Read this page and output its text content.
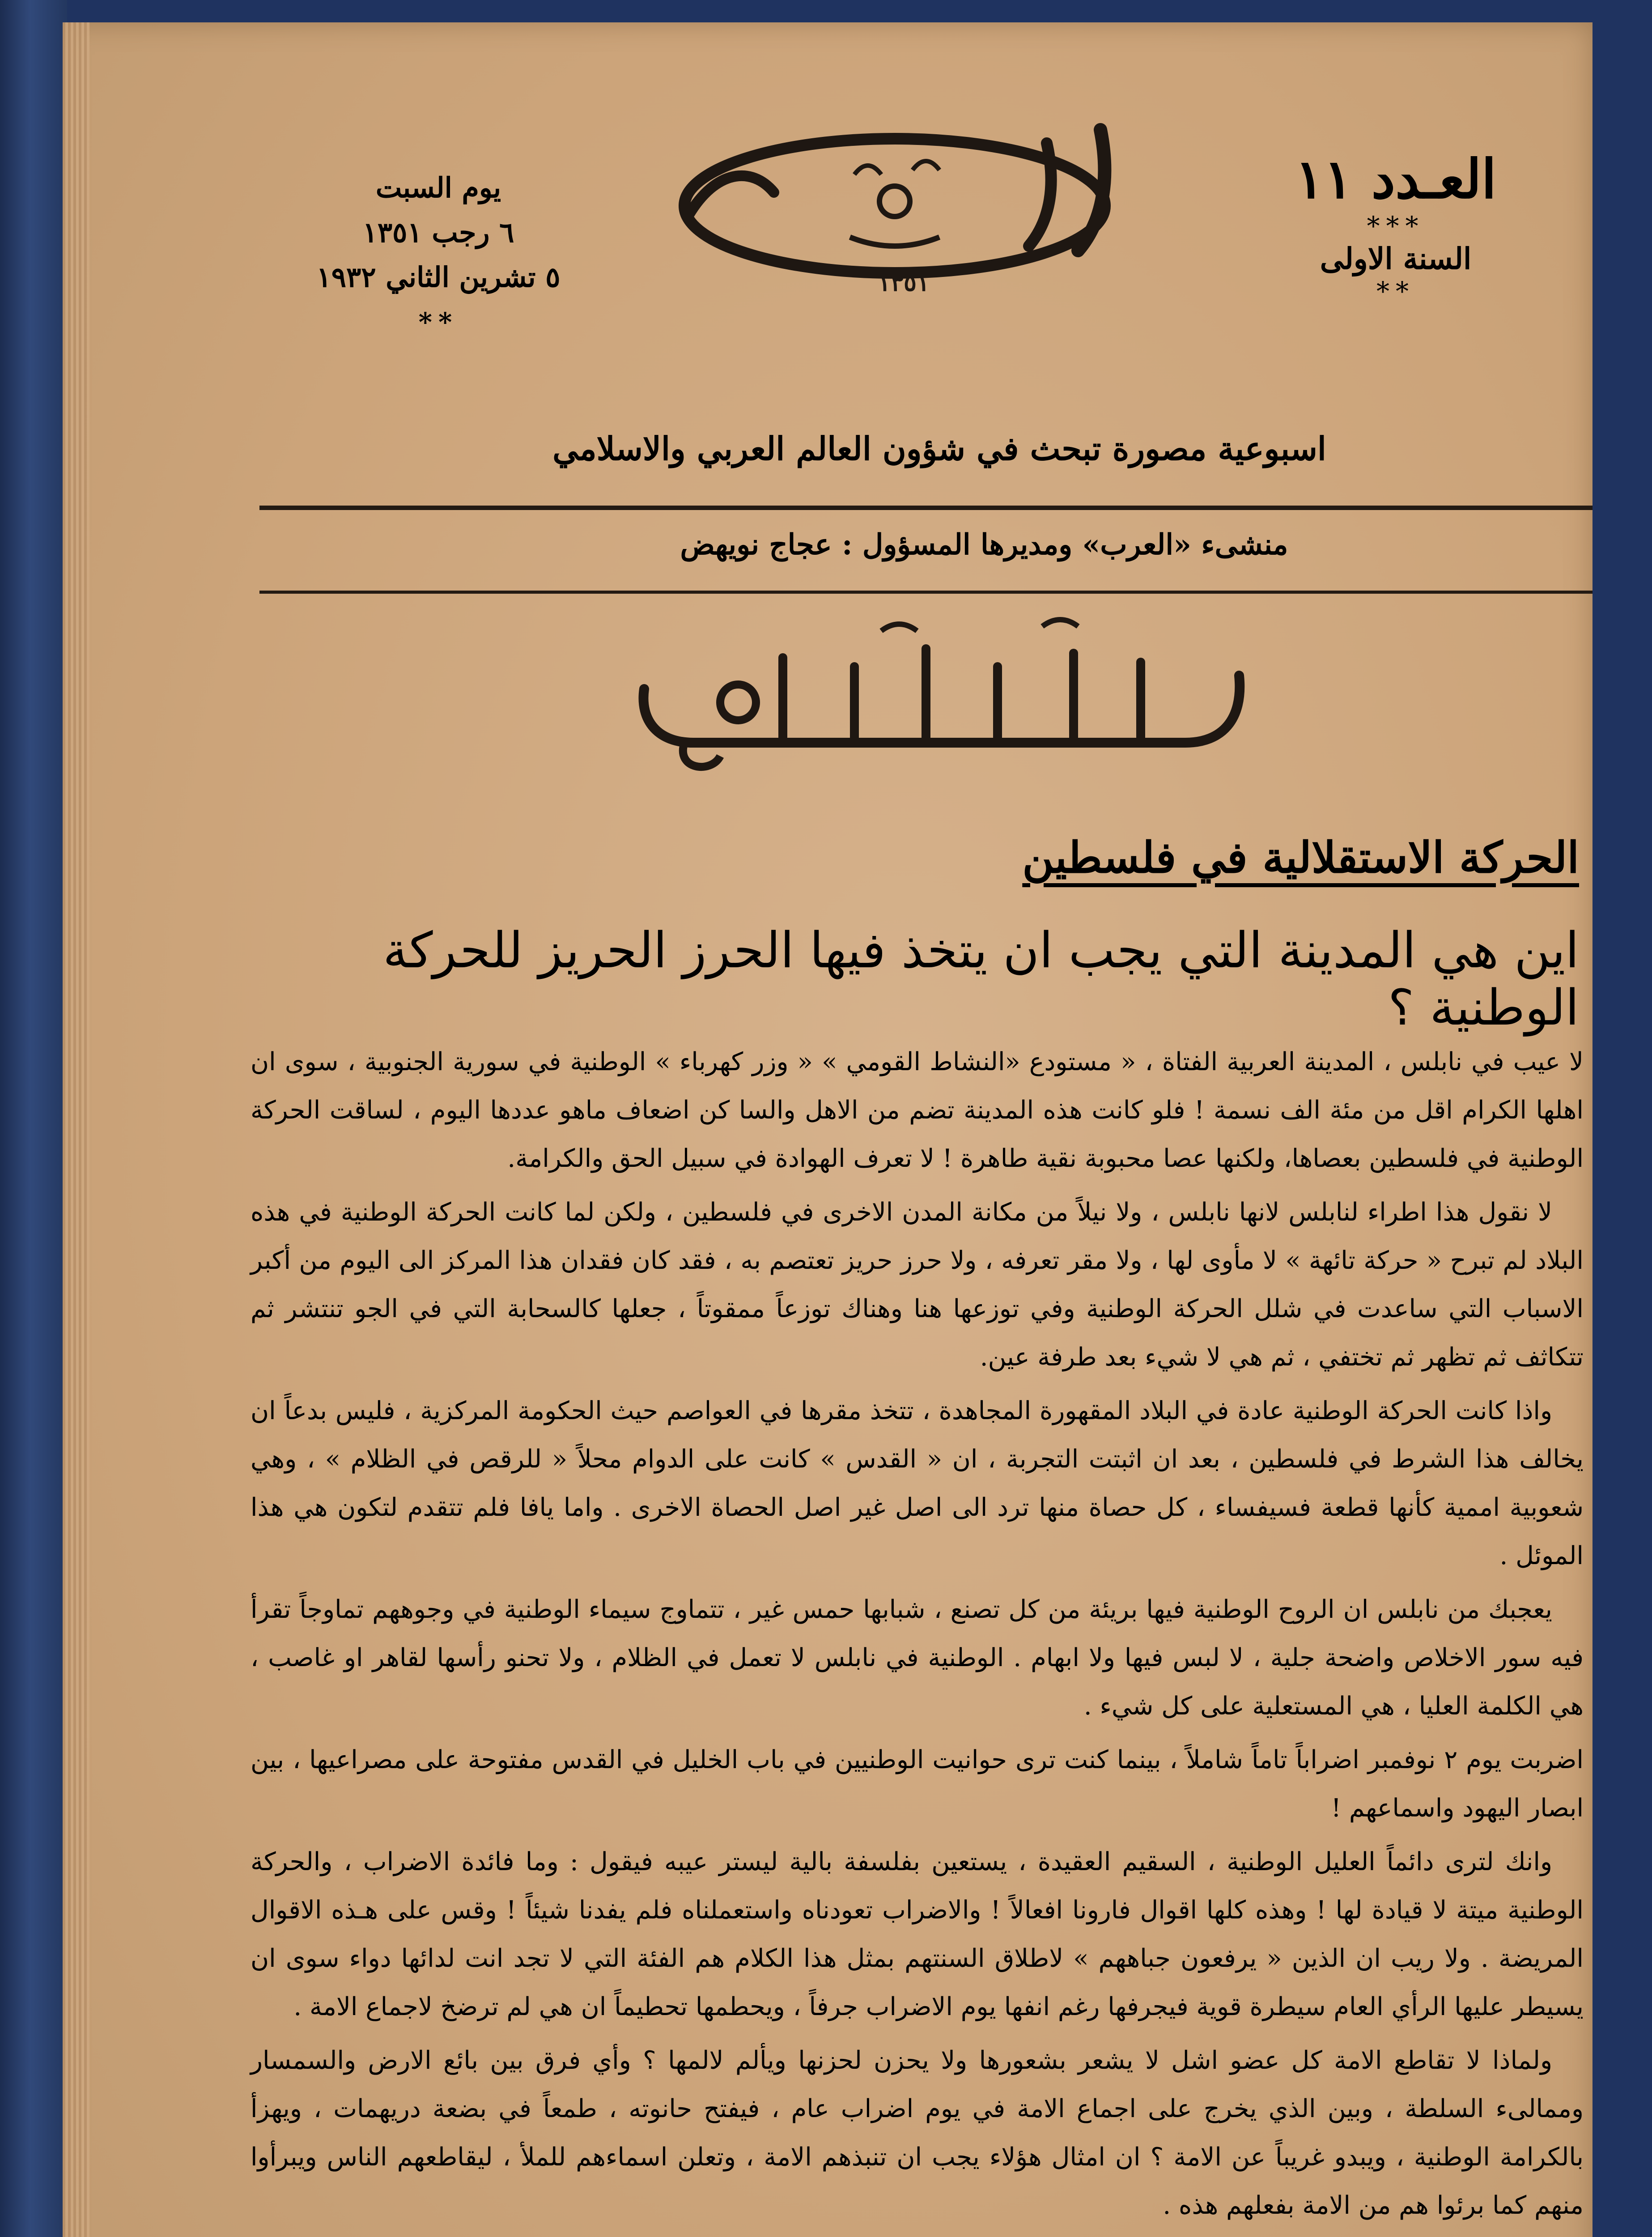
العـدد ١١
***
السنة الاولى
**
١٣٥١
يوم السبت
٦ رجب ١٣٥١
٥ تشرين الثاني ١٩٣٢
**
اسبوعية مصورة تبحث في شؤون العالم العربي والاسلامي
منشىء «العرب» ومديرها المسؤول : عجاج نويهض
الحركة الاستقلالية في فلسطين
اين هي المدينة التي يجب ان يتخذ فيها الحرز الحريز للحركة الوطنية ؟

لا عيب في نابلس ، المدينة العربية الفتاة ، « مستودع «النشاط القومي » « وزر كهرباء » الوطنية في سورية الجنوبية ، سوى ان اهلها الكرام اقل من مئة الف نسمة ! فلو كانت هذه المدينة تضم من الاهل والسا كن اضعاف ماهو عددها اليوم ، لساقت الحركة الوطنية في فلسطين بعصاها، ولكنها عصا محبوبة نقية طاهرة ! لا تعرف الهوادة في سبيل الحق والكرامة.

لا نقول هذا اطراء لنابلس لانها نابلس ، ولا نيلاً من مكانة المدن الاخرى في فلسطين ، ولكن لما كانت الحركة الوطنية في هذه البلاد لم تبرح « حركة تائهة » لا مأوى لها ، ولا مقر تعرفه ، ولا حرز حريز تعتصم به ، فقد كان فقدان هذا المركز الى اليوم من أكبر الاسباب التي ساعدت في شلل الحركة الوطنية وفي توزعها هنا وهناك توزعاً ممقوتاً ، جعلها كالسحابة التي في الجو تنتشر ثم تتكاثف ثم تظهر ثم تختفي ، ثم هي لا شيء بعد طرفة عين.

واذا كانت الحركة الوطنية عادة في البلاد المقهورة المجاهدة ، تتخذ مقرها في العواصم حيث الحكومة المركزية ، فليس بدعاً ان يخالف هذا الشرط في فلسطين ، بعد ان اثبتت التجربة ، ان « القدس » كانت على الدوام محلاً « للرقص في الظلام » ، وهي شعوبية اممية كأنها قطعة فسيفساء ، كل حصاة منها ترد الى اصل غير اصل الحصاة الاخرى . واما يافا فلم تتقدم لتكون هي هذا الموئل .

يعجبك من نابلس ان الروح الوطنية فيها بريئة من كل تصنع ، شبابها حمس غير ، تتماوج سيماء الوطنية في وجوههم تماوجاً تقرأ فيه سور الاخلاص واضحة جلية ، لا لبس فيها ولا ابهام . الوطنية في نابلس لا تعمل في الظلام ، ولا تحنو رأسها لقاهر او غاصب ، هي الكلمة العليا ، هي المستعلية على كل شيء .

اضربت يوم ٢ نوفمبر اضراباً تاماً شاملاً ، بينما كنت ترى حوانيت الوطنيين في باب الخليل في القدس مفتوحة على مصراعيها ، بين ابصار اليهود واسماعهم !

وانك لترى دائماً العليل الوطنية ، السقيم العقيدة ، يستعين بفلسفة بالية ليستر عيبه فيقول : وما فائدة الاضراب ، والحركة الوطنية ميتة لا قيادة لها ! وهذه كلها اقوال فارونا افعالاً ! والاضراب تعودناه واستعملناه فلم يفدنا شيئاً ! وقس على هـذه الاقوال المريضة . ولا ريب ان الذين « يرفعون جباههم » لاطلاق السنتهم بمثل هذا الكلام هم الفئة التي لا تجد انت لدائها دواء سوى ان يسيطر عليها الرأي العام سيطرة قوية فيجرفها رغم انفها يوم الاضراب جرفاً ، ويحطمها تحطيماً ان هي لم ترضخ لاجماع الامة .

ولماذا لا تقاطع الامة كل عضو اشل لا يشعر بشعورها ولا يحزن لحزنها ويألم لالمها ؟ وأي فرق بين بائع الارض والسمسار وممالىء السلطة ، وبين الذي يخرج على اجماع الامة في يوم اضراب عام ، فيفتح حانوته ، طمعاً في بضعة دريهمات ، ويهزأ بالكرامة الوطنية ، ويبدو غريباً عن الامة ؟ ان امثال هؤلاء يجب ان تنبذهم الامة ، وتعلن اسماءهم للملأ ، ليقاطعهم الناس ويبرأوا منهم كما برئوا هم من الامة بفعلهم هذه .
